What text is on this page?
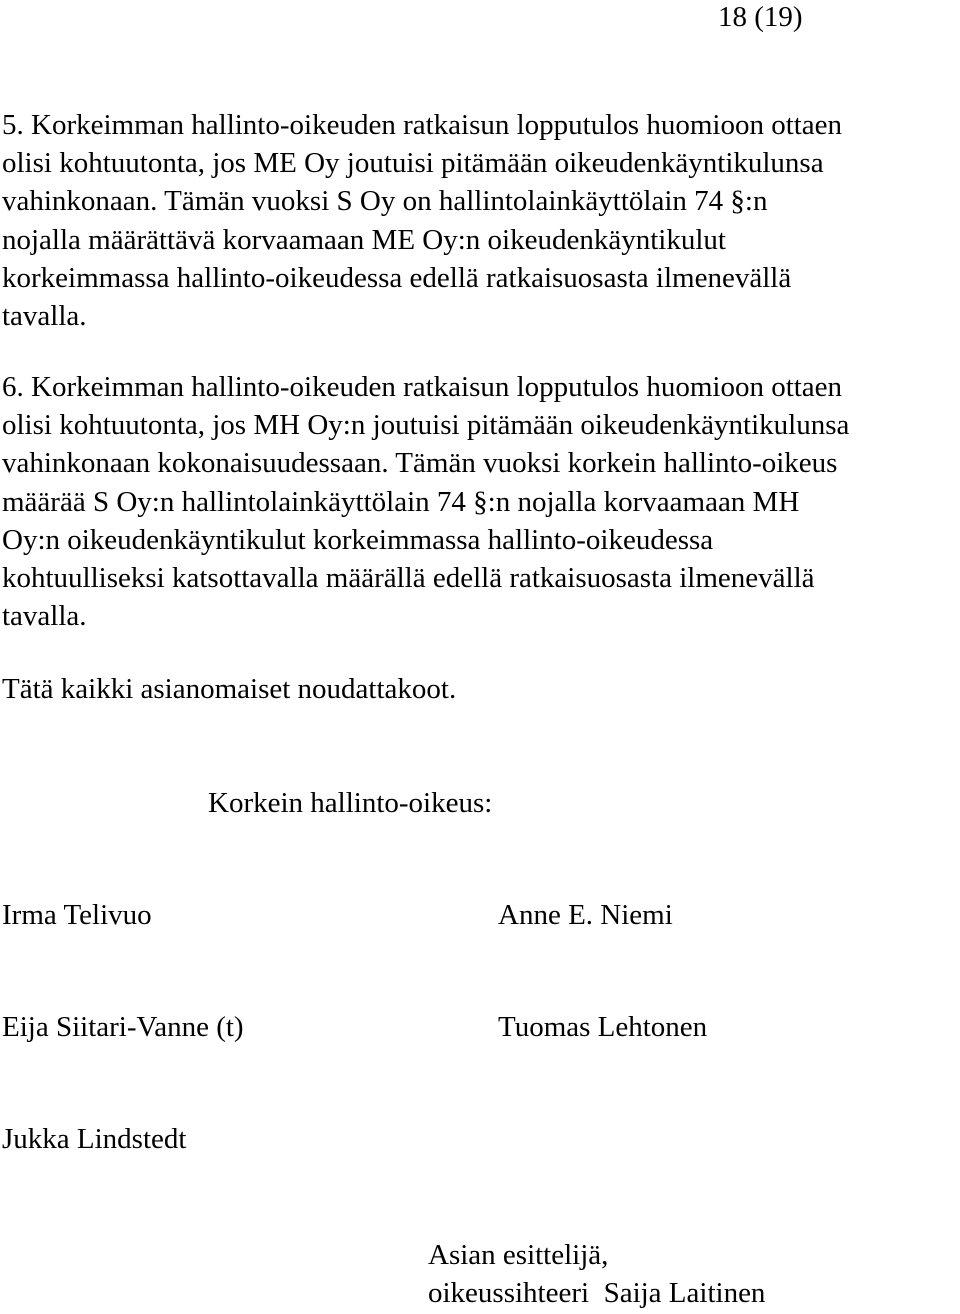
18 (19)
5. Korkeimman hallinto-oikeuden ratkaisun lopputulos huomioon ottaen
olisi kohtuutonta, jos ME Oy joutuisi pitämään oikeudenkäyntikulunsa
vahinkonaan. Tämän vuoksi S Oy on hallintolainkäyttölain 74 §:n
nojalla määrättävä korvaamaan ME Oy:n oikeudenkäyntikulut
korkeimmassa hallinto-oikeudessa edellä ratkaisuosasta ilmenevällä
tavalla.
6. Korkeimman hallinto-oikeuden ratkaisun lopputulos huomioon ottaen
olisi kohtuutonta, jos MH Oy:n joutuisi pitämään oikeudenkäyntikulunsa
vahinkonaan kokonaisuudessaan. Tämän vuoksi korkein hallinto-oikeus
määrää S Oy:n hallintolainkäyttölain 74 §:n nojalla korvaamaan MH
Oy:n oikeudenkäyntikulut korkeimmassa hallinto-oikeudessa
kohtuulliseksi katsottavalla määrällä edellä ratkaisuosasta ilmenevällä
tavalla.
Tätä kaikki asianomaiset noudattakoot.
Korkein hallinto-oikeus:
Irma Telivuo	Anne E. Niemi
Eija Siitari-Vanne (t)	Tuomas Lehtonen
Jukka Lindstedt
Asian esittelijä,
oikeussihteeri  Saija Laitinen
